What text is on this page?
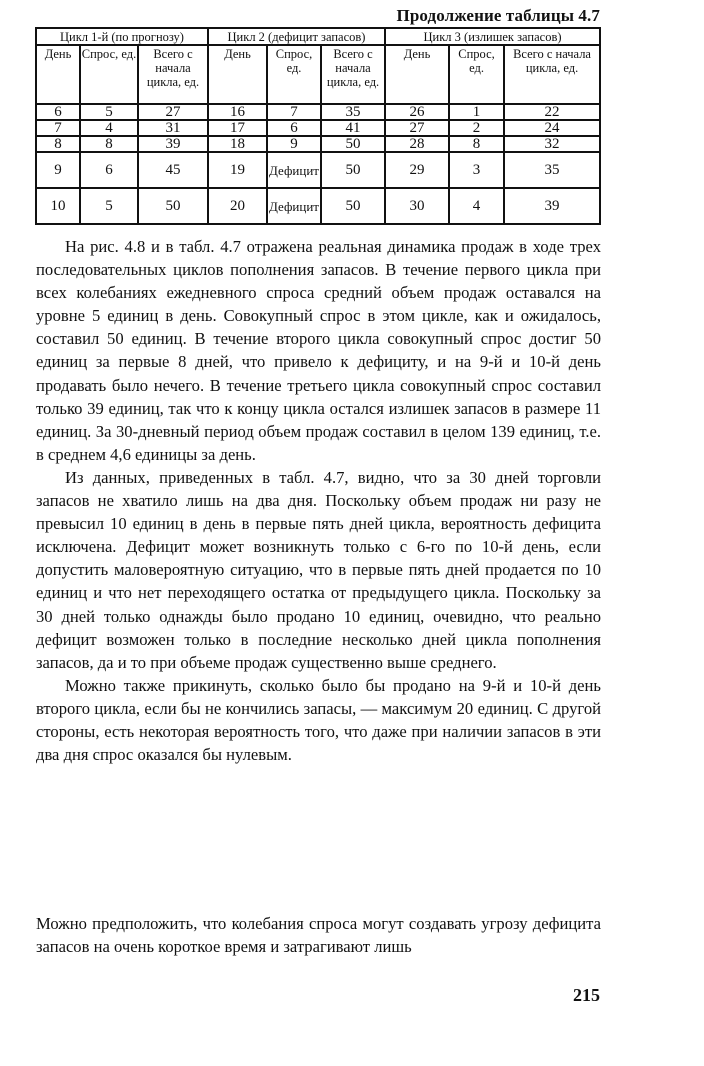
Продолжение таблицы 4.7
Цикл 1-й (по прогнозу)			Цикл 2 (дефицит запасов)			Цикл 3 (излишек запасов)		
День	Спрос, ед.	Всего с начала цикла, ед.	День	Спрос, ед.	Всего с начала цикла, ед.	День	Спрос, ед.	Всего с начала цикла, ед.
6	5	27	16	7	35	26	1	22
7	4	31	17	6	41	27	2	24
8	8	39	18	9	50	28	8	32
9	6	45	19	Дефицит	50	29	3	35
10	5	50	20	Дефицит	50	30	4	39

На рис. 4.8 и в табл. 4.7 отражена реальная динамика продаж в ходе трех последовательных циклов пополнения запасов. В течение первого цикла при всех колебаниях ежедневного спроса средний объем продаж оставался на уровне 5 единиц в день. Совокупный спрос в этом цикле, как и ожидалось, составил 50 единиц. В течение второго цикла совокупный спрос достиг 50 единиц за первые 8 дней, что привело к дефициту, и на 9-й и 10-й день продавать было нечего. В течение третьего цикла совокупный спрос составил только 39 единиц, так что к концу цикла остался излишек запасов в размере 11 единиц. За 30-дневный период объем продаж составил в целом 139 единиц, т.е. в среднем 4,6 единицы за день.

Из данных, приведенных в табл. 4.7, видно, что за 30 дней торговли запасов не хватило лишь на два дня. Поскольку объем продаж ни разу не превысил 10 единиц в день в первые пять дней цикла, вероятность дефицита исключена. Дефицит может возникнуть только с 6-го по 10-й день, если допустить маловероятную ситуацию, что в первые пять дней продается по 10 единиц и что нет переходящего остатка от предыдущего цикла. Поскольку за 30 дней только однажды было продано 10 единиц, очевидно, что реально дефицит возможен только в последние несколько дней цикла пополнения запасов, да и то при объеме продаж существенно выше среднего.

Можно также прикинуть, сколько было бы продано на 9-й и 10-й день второго цикла, если бы не кончились запасы, — максимум 20 единиц. С другой стороны, есть некоторая вероятность того, что даже при наличии запасов в эти два дня спрос оказался бы нулевым.

Можно предположить, что колебания спроса могут создавать угрозу дефицита запасов на очень короткое время и затрагивают лишь

215
